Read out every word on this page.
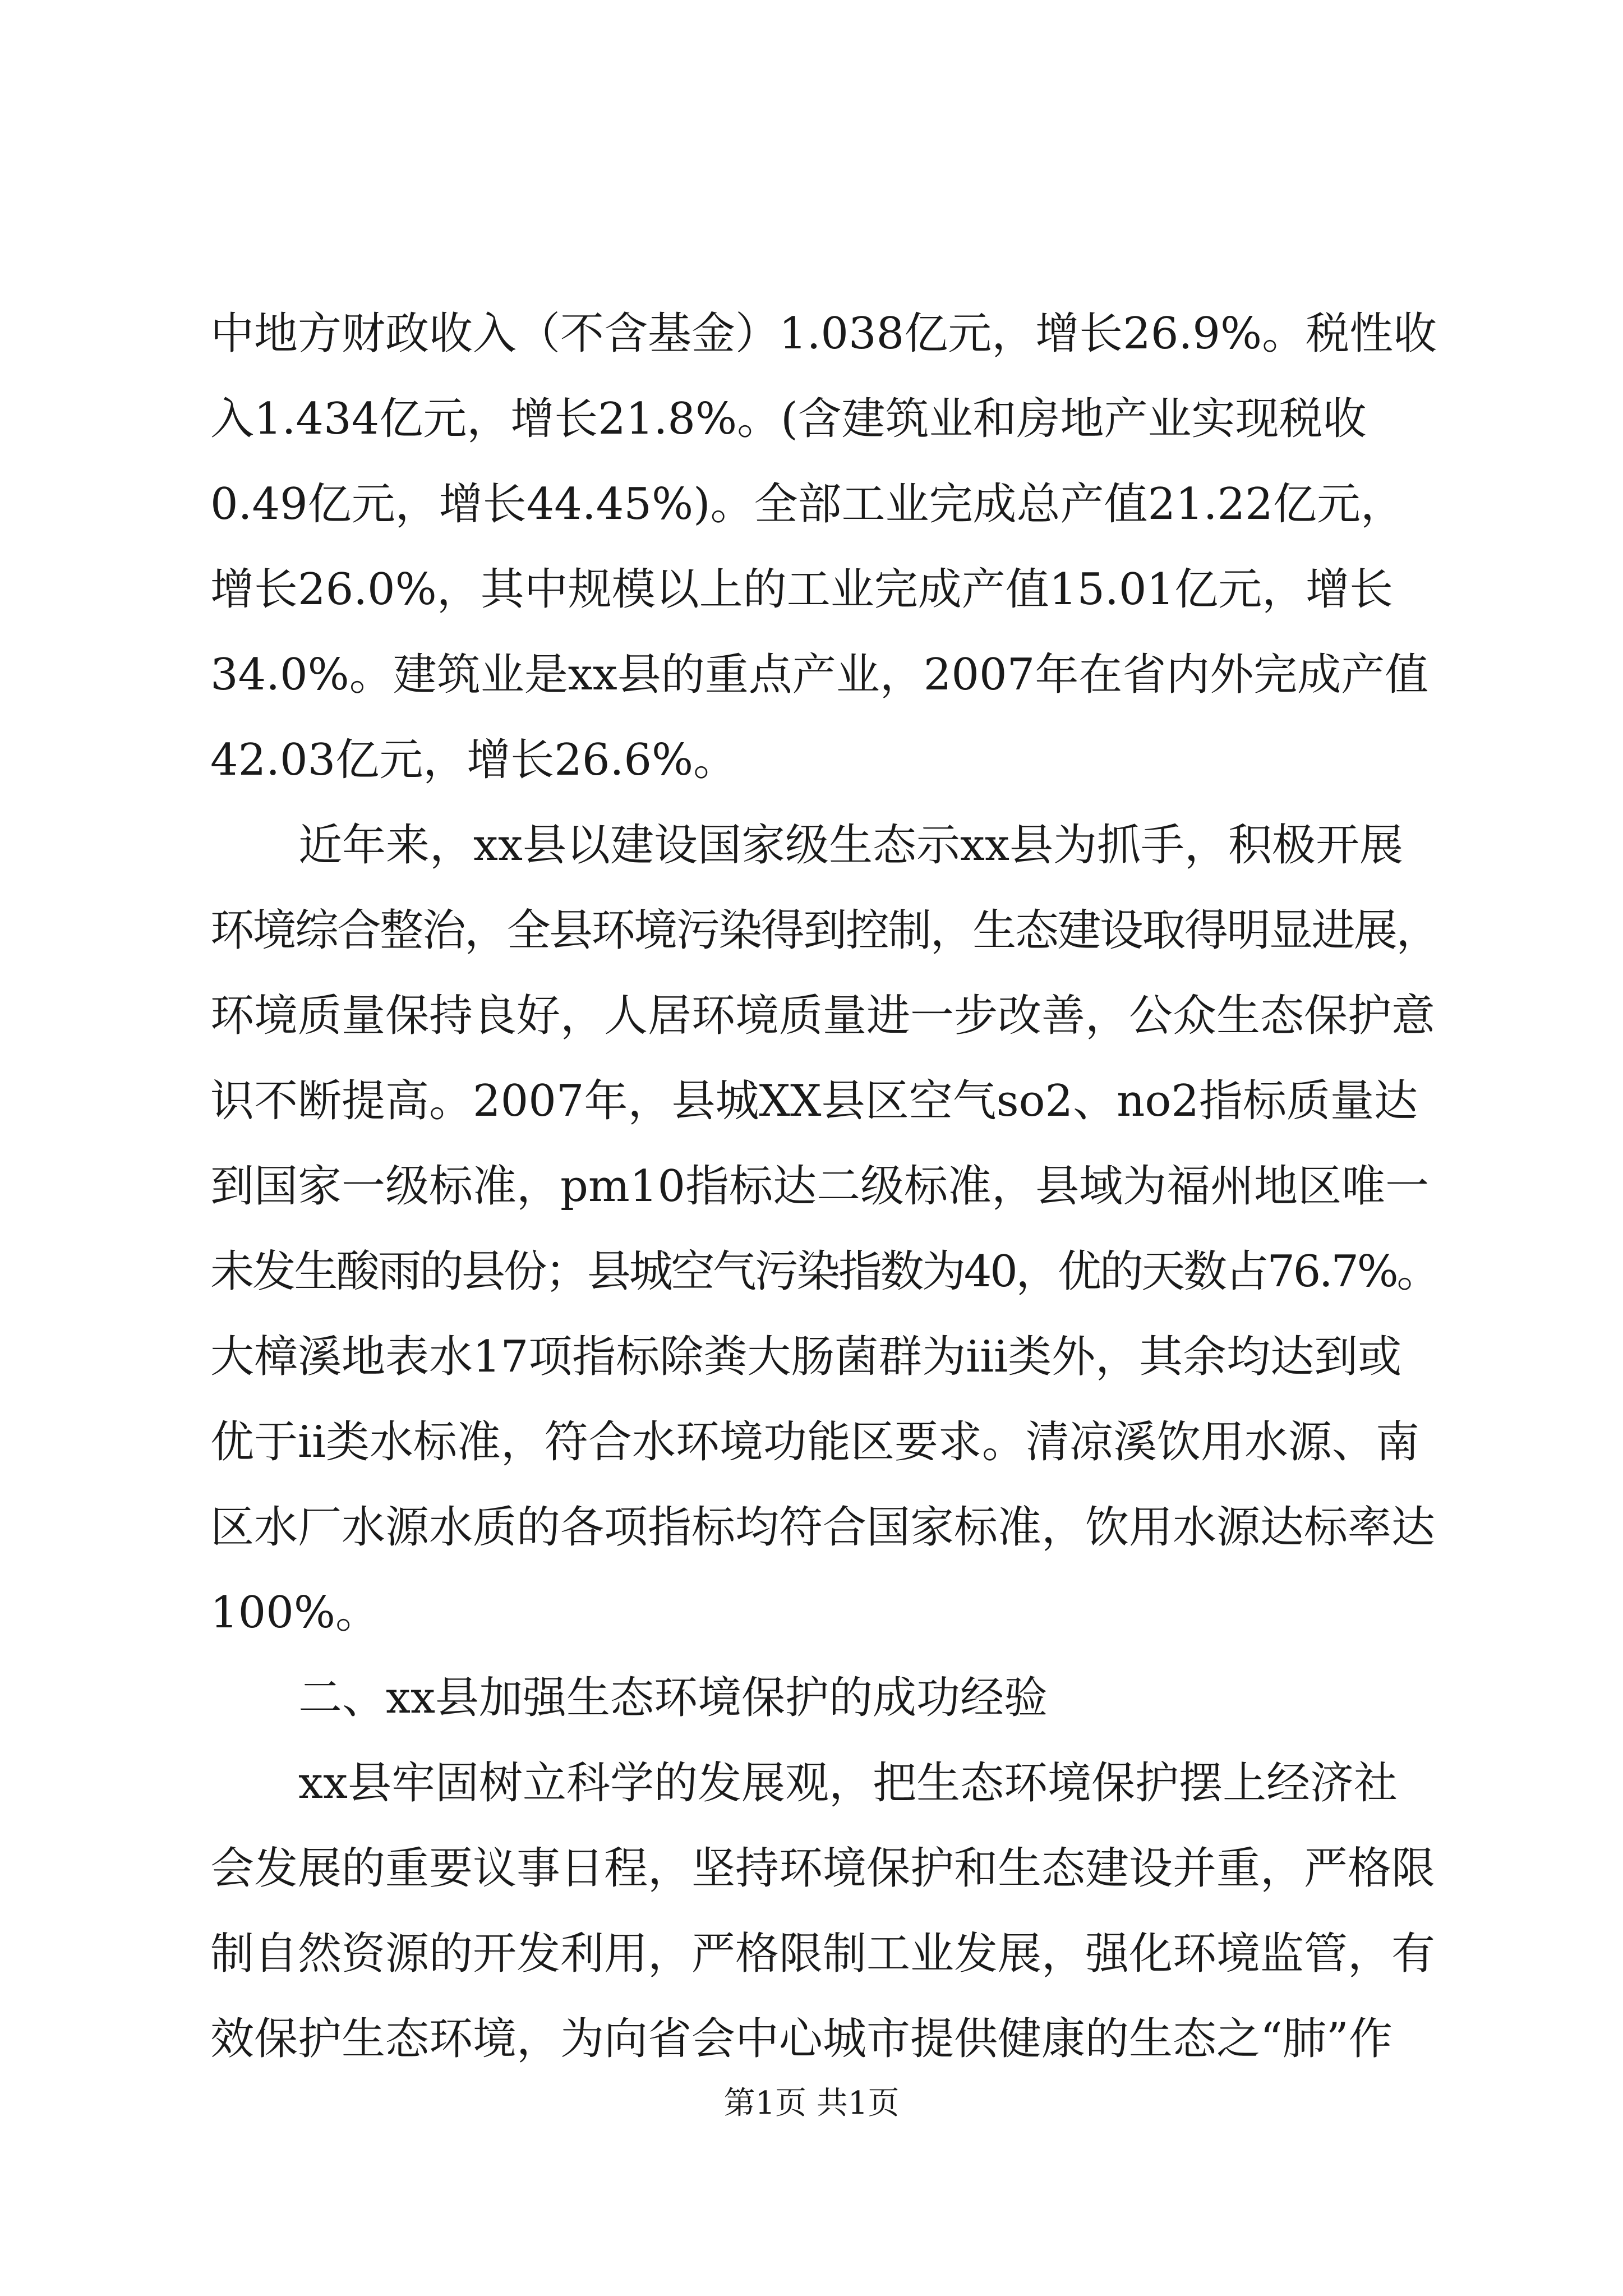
中地方财政收入（不含基金）1.038亿元，增长26.9%。税性收
入1.434亿元，增长21.8%。(含建筑业和房地产业实现税收
0.49亿元，增长44.45%)。全部工业完成总产值21.22亿元，
增长26.0%，其中规模以上的工业完成产值15.01亿元，增长
34.0%。建筑业是xx县的重点产业，2007年在省内外完成产值
42.03亿元，增长26.6%。
近年来，xx县以建设国家级生态示xx县为抓手，积极开展
环境综合整治，全县环境污染得到控制，生态建设取得明显进展，
环境质量保持良好，人居环境质量进一步改善，公众生态保护意
识不断提高。2007年，县城XX县区空气so2、no2指标质量达
到国家一级标准，pm10指标达二级标准，县域为福州地区唯一
未发生酸雨的县份；县城空气污染指数为40，优的天数占76.7%。
大樟溪地表水17项指标除粪大肠菌群为iii类外，其余均达到或
优于ii类水标准，符合水环境功能区要求。清凉溪饮用水源、南
区水厂水源水质的各项指标均符合国家标准，饮用水源达标率达
100%。
二、xx县加强生态环境保护的成功经验
xx县牢固树立科学的发展观，把生态环境保护摆上经济社
会发展的重要议事日程，坚持环境保护和生态建设并重，严格限
制自然资源的开发利用，严格限制工业发展，强化环境监管，有
效保护生态环境，为向省会中心城市提供健康的生态之“肺”作
第1页 共1页
